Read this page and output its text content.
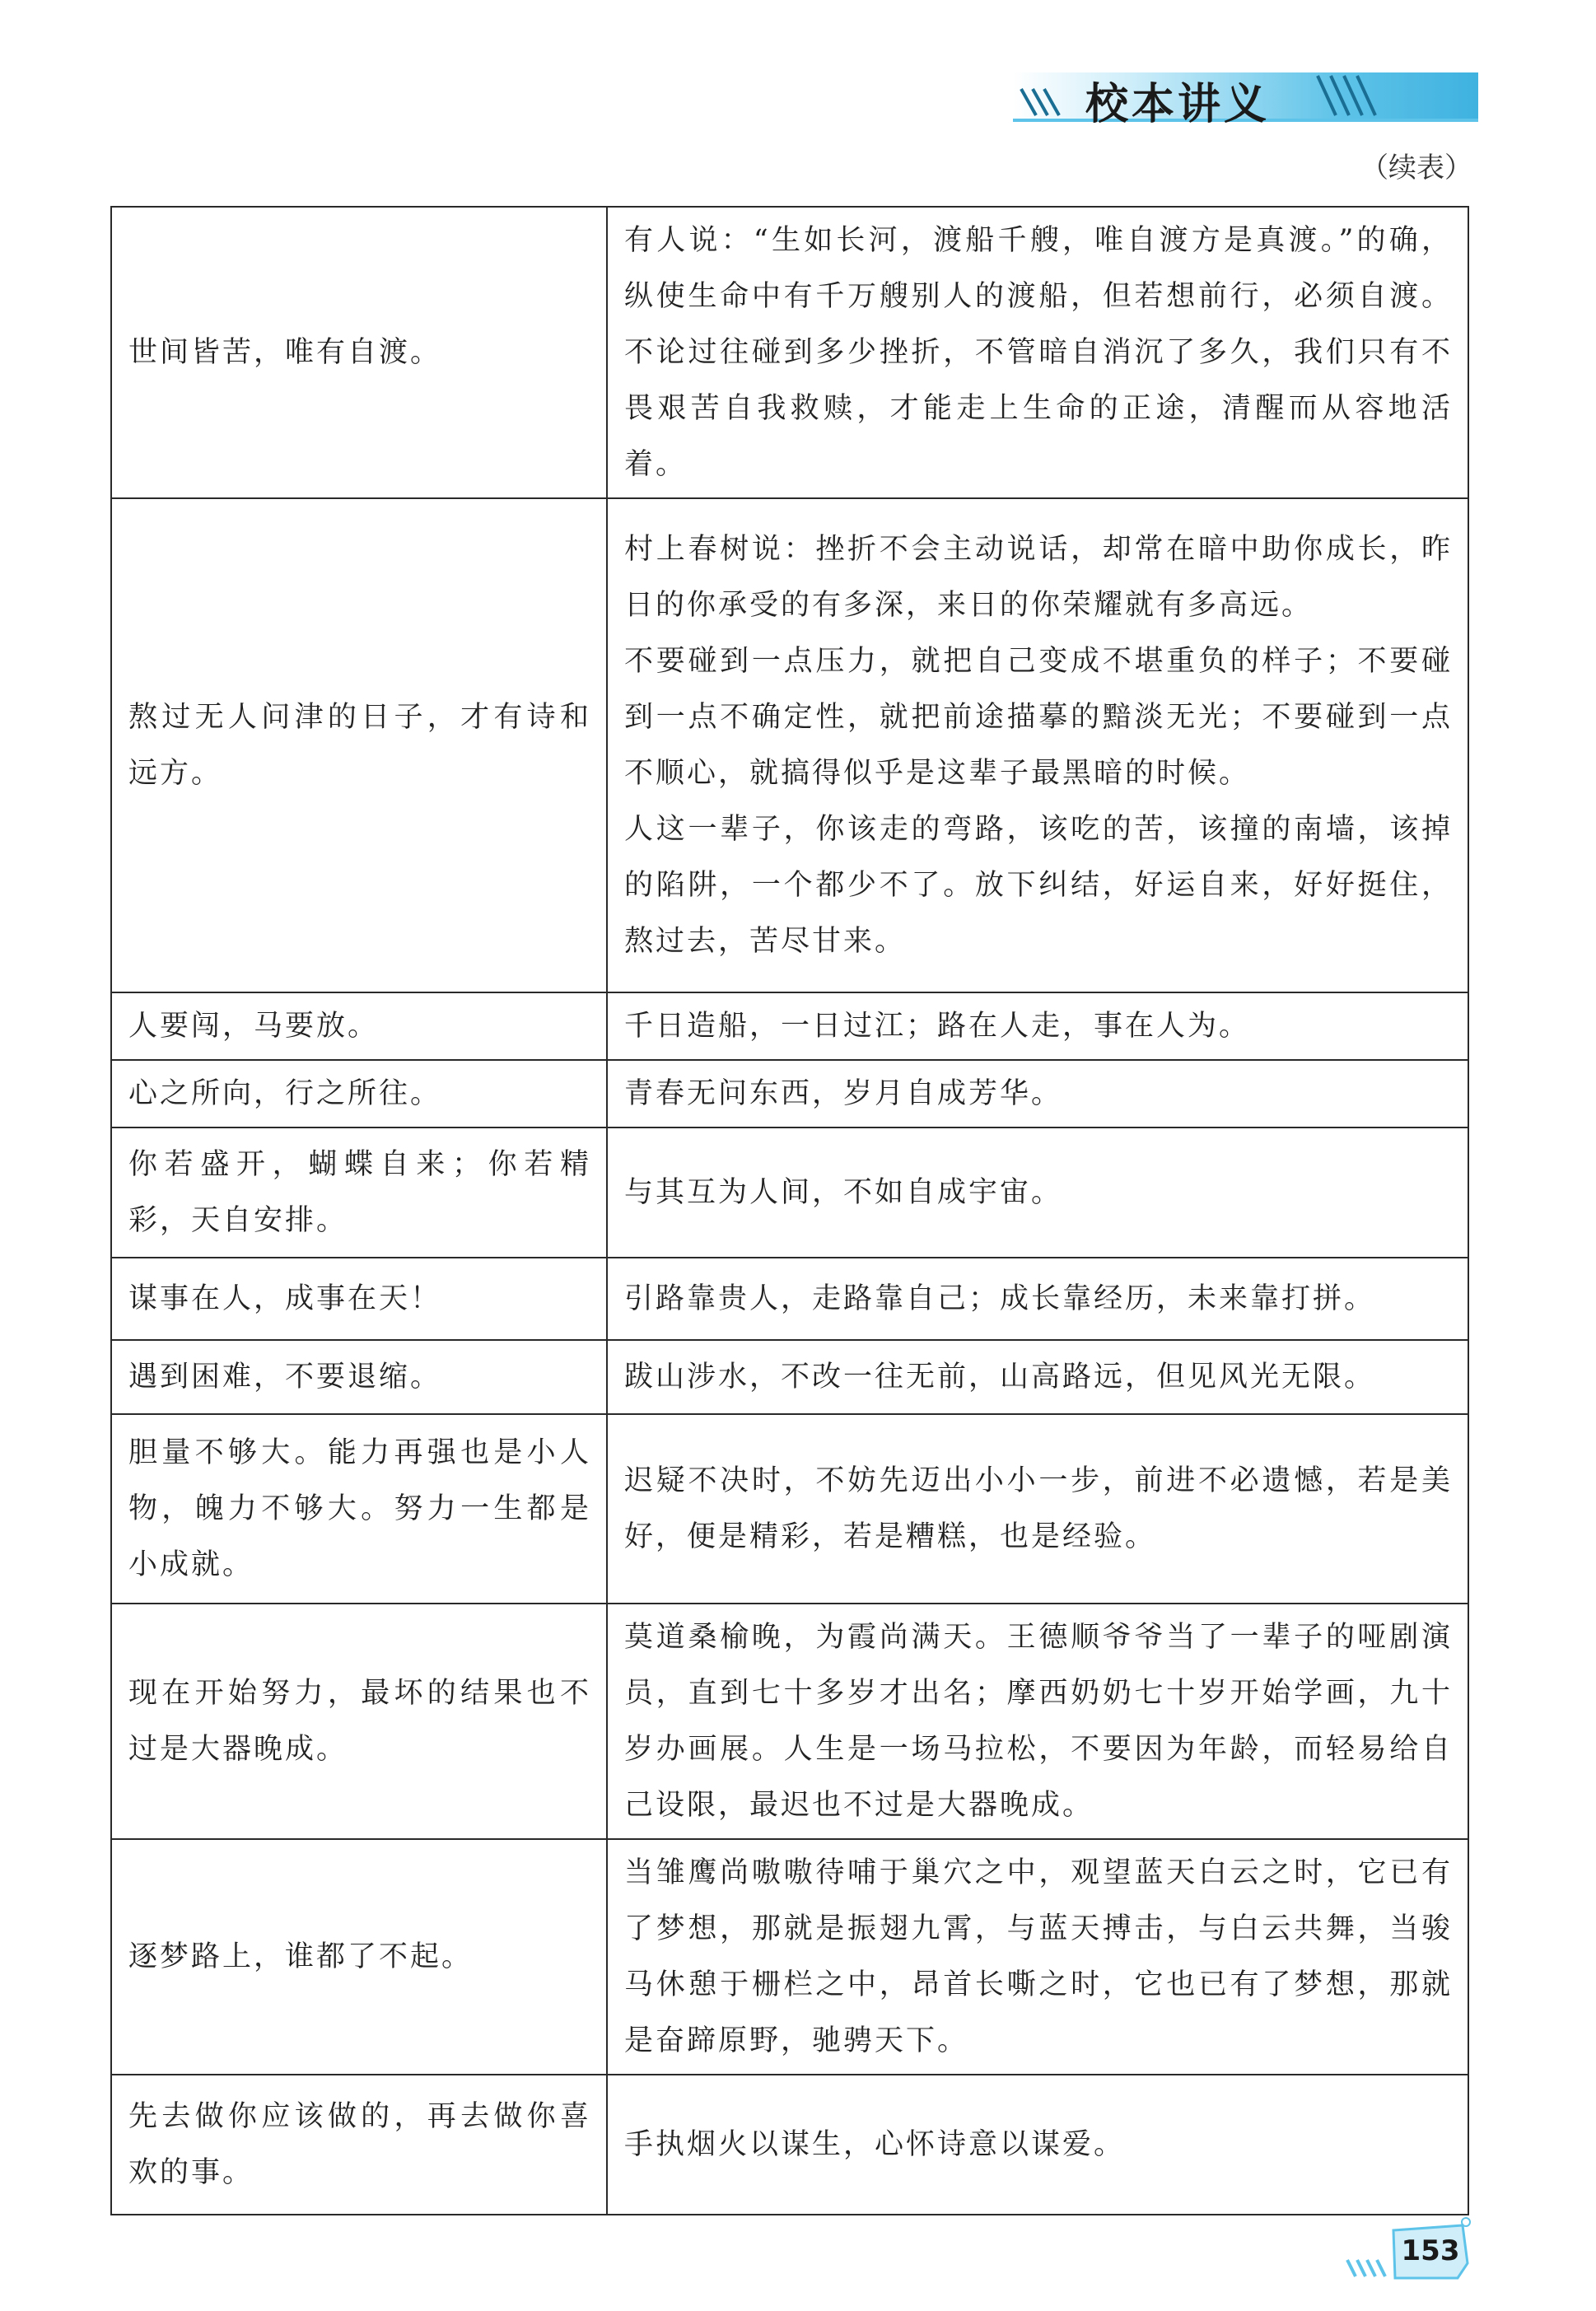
校本讲义
（续表）
世间皆苦，唯有自渡。	有人说：“生如长河，渡船千艘，唯自渡方是真渡。”的确，纵使生命中有千万艘别人的渡船，但若想前行，必须自渡。不论过往碰到多少挫折，不管暗自消沉了多久，我们只有不畏艰苦自我救赎，才能走上生命的正途，清醒而从容地活着。

熬过无人问津的日子，才有诗和远方。	村上春树说：挫折不会主动说话，却常在暗中助你成长，昨日的你承受的有多深，来日的你荣耀就有多高远。
不要碰到一点压力，就把自己变成不堪重负的样子；不要碰到一点不确定性，就把前途描摹的黯淡无光；不要碰到一点不顺心，就搞得似乎是这辈子最黑暗的时候。
人这一辈子，你该走的弯路，该吃的苦，该撞的南墙，该掉的陷阱，一个都少不了。放下纠结，好运自来，好好挺住，熬过去，苦尽甘来。

人要闯，马要放。	千日造船，一日过江；路在人走，事在人为。

心之所向，行之所往。	青春无问东西，岁月自成芳华。

你若盛开，蝴蝶自来；你若精彩，天自安排。	与其互为人间，不如自成宇宙。

谋事在人，成事在天！	引路靠贵人，走路靠自己；成长靠经历，未来靠打拼。

遇到困难，不要退缩。	跋山涉水，不改一往无前，山高路远，但见风光无限。

胆量不够大。能力再强也是小人物，魄力不够大。努力一生都是小成就。	迟疑不决时，不妨先迈出小小一步，前进不必遗憾，若是美好，便是精彩，若是糟糕，也是经验。

现在开始努力，最坏的结果也不过是大器晚成。	莫道桑榆晚，为霞尚满天。王德顺爷爷当了一辈子的哑剧演员，直到七十多岁才出名；摩西奶奶七十岁开始学画，九十岁办画展。人生是一场马拉松，不要因为年龄，而轻易给自己设限，最迟也不过是大器晚成。

逐梦路上，谁都了不起。	当雏鹰尚嗷嗷待哺于巢穴之中，观望蓝天白云之时，它已有了梦想，那就是振翅九霄，与蓝天搏击，与白云共舞，当骏马休憩于栅栏之中，昂首长嘶之时，它也已有了梦想，那就是奋蹄原野，驰骋天下。

先去做你应该做的，再去做你喜欢的事。	手执烟火以谋生，心怀诗意以谋爱。
153
